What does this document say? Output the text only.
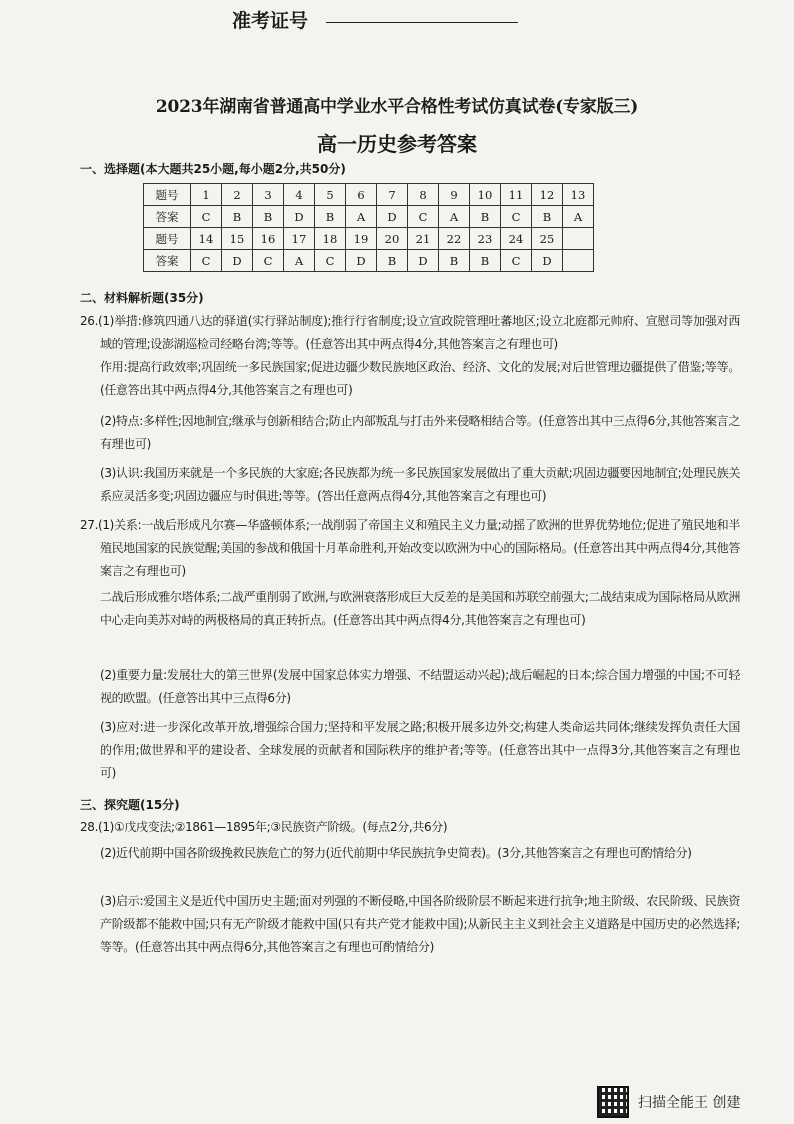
准考证号
2023年湖南省普通高中学业水平合格性考试仿真试卷(专家版三)
高一历史参考答案
一、选择题(本大题共25小题,每小题2分,共50分)
题号	1	2	3	4	5	6	7	8	9	10	11	12	13
答案	C	B	B	D	B	A	D	C	A	B	C	B	A
题号	14	15	16	17	18	19	20	21	22	23	24	25	
答案	C	D	C	A	C	D	B	D	B	B	C	D	
二、材料解析题(35分)
26.(1)举措:修筑四通八达的驿道(实行驿站制度);推行行省制度;设立宣政院管理吐蕃地区;设立北庭都元帅府、宣慰司等加强对西域的管理;设澎湖巡检司经略台湾;等等。(任意答出其中两点得4分,其他答案言之有理也可)
作用:提高行政效率;巩固统一多民族国家;促进边疆少数民族地区政治、经济、文化的发展;对后世管理边疆提供了借鉴;等等。(任意答出其中两点得4分,其他答案言之有理也可)
(2)特点:多样性;因地制宜;继承与创新相结合;防止内部叛乱与打击外来侵略相结合等。(任意答出其中三点得6分,其他答案言之有理也可)
(3)认识:我国历来就是一个多民族的大家庭;各民族都为统一多民族国家发展做出了重大贡献;巩固边疆要因地制宜;处理民族关系应灵活多变;巩固边疆应与时俱进;等等。(答出任意两点得4分,其他答案言之有理也可)
27.(1)关系:一战后形成凡尔赛—华盛顿体系;一战削弱了帝国主义和殖民主义力量;动摇了欧洲的世界优势地位;促进了殖民地和半殖民地国家的民族觉醒;美国的参战和俄国十月革命胜利,开始改变以欧洲为中心的国际格局。(任意答出其中两点得4分,其他答案言之有理也可)
二战后形成雅尔塔体系;二战严重削弱了欧洲,与欧洲衰落形成巨大反差的是美国和苏联空前强大;二战结束成为国际格局从欧洲中心走向美苏对峙的两极格局的真正转折点。(任意答出其中两点得4分,其他答案言之有理也可)
(2)重要力量:发展壮大的第三世界(发展中国家总体实力增强、不结盟运动兴起);战后崛起的日本;综合国力增强的中国;不可轻视的欧盟。(任意答出其中三点得6分)
(3)应对:进一步深化改革开放,增强综合国力;坚持和平发展之路;积极开展多边外交;构建人类命运共同体;继续发挥负责任大国的作用;做世界和平的建设者、全球发展的贡献者和国际秩序的维护者;等等。(任意答出其中一点得3分,其他答案言之有理也可)
三、探究题(15分)
28.(1)①戊戌变法;②1861—1895年;③民族资产阶级。(每点2分,共6分)
(2)近代前期中国各阶级挽救民族危亡的努力(近代前期中华民族抗争史简表)。(3分,其他答案言之有理也可酌情给分)
(3)启示:爱国主义是近代中国历史主题;面对列强的不断侵略,中国各阶级阶层不断起来进行抗争;地主阶级、农民阶级、民族资产阶级都不能救中国;只有无产阶级才能救中国(只有共产党才能救中国);从新民主主义到社会主义道路是中国历史的必然选择;等等。(任意答出其中两点得6分,其他答案言之有理也可酌情给分)
扫描全能王 创建
